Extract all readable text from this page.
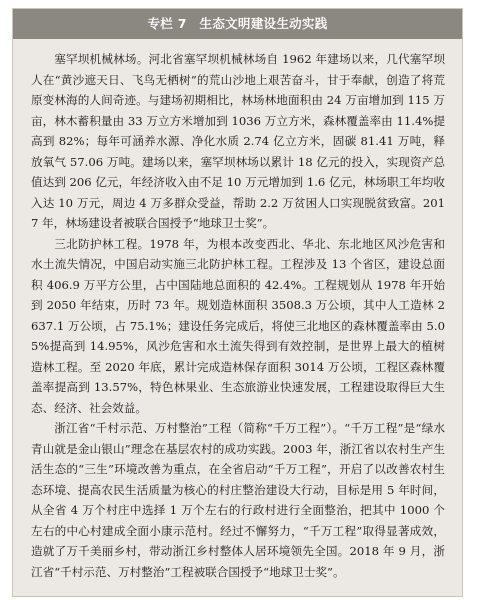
专栏 7　生态文明建设生动实践

塞罕坝机械林场。河北省塞罕坝机械林场自 1962 年建场以来，几代塞罕坝人在“黄沙遮天日、飞鸟无栖树”的荒山沙地上艰苦奋斗，甘于奉献，创造了将荒原变林海的人间奇迹。与建场初期相比，林场林地面积由 24 万亩增加到 115 万亩，林木蓄积量由 33 万立方米增加到 1036 万立方米，森林覆盖率由 11.4%提高到 82%；每年可涵养水源、净化水质 2.74 亿立方米，固碳 81.41 万吨，释放氧气 57.06 万吨。建场以来，塞罕坝林场以累计 18 亿元的投入，实现资产总值达到 206 亿元，年经济收入由不足 10 万元增加到 1.6 亿元，林场职工年均收入达 10 万元，周边 4 万多群众受益，帮助 2.2 万贫困人口实现脱贫致富。2017 年，林场建设者被联合国授予“地球卫士奖”。

三北防护林工程。1978 年，为根本改变西北、华北、东北地区风沙危害和水土流失情况，中国启动实施三北防护林工程。工程涉及 13 个省区，建设总面积 406.9 万平方公里，占中国陆地总面积的 42.4%。工程规划从 1978 年开始到 2050 年结束，历时 73 年。规划造林面积 3508.3 万公顷，其中人工造林 2637.1 万公顷，占 75.1%；建设任务完成后，将使三北地区的森林覆盖率由 5.05%提高到 14.95%，风沙危害和水土流失得到有效控制，是世界上最大的植树造林工程。至 2020 年底，累计完成造林保存面积 3014 万公顷，工程区森林覆盖率提高到 13.57%，特色林果业、生态旅游业快速发展，工程建设取得巨大生态、经济、社会效益。

浙江省“千村示范、万村整治”工程（简称“千万工程”）。“千万工程”是“绿水青山就是金山银山”理念在基层农村的成功实践。2003 年，浙江省以农村生产生活生态的“三生”环境改善为重点，在全省启动“千万工程”，开启了以改善农村生态环境、提高农民生活质量为核心的村庄整治建设大行动，目标是用 5 年时间，从全省 4 万个村庄中选择 1 万个左右的行政村进行全面整治，把其中 1000 个左右的中心村建成全面小康示范村。经过不懈努力，“千万工程”取得显著成效，造就了万千美丽乡村，带动浙江乡村整体人居环境领先全国。2018 年 9 月，浙江省“千村示范、万村整治”工程被联合国授予“地球卫士奖”。
